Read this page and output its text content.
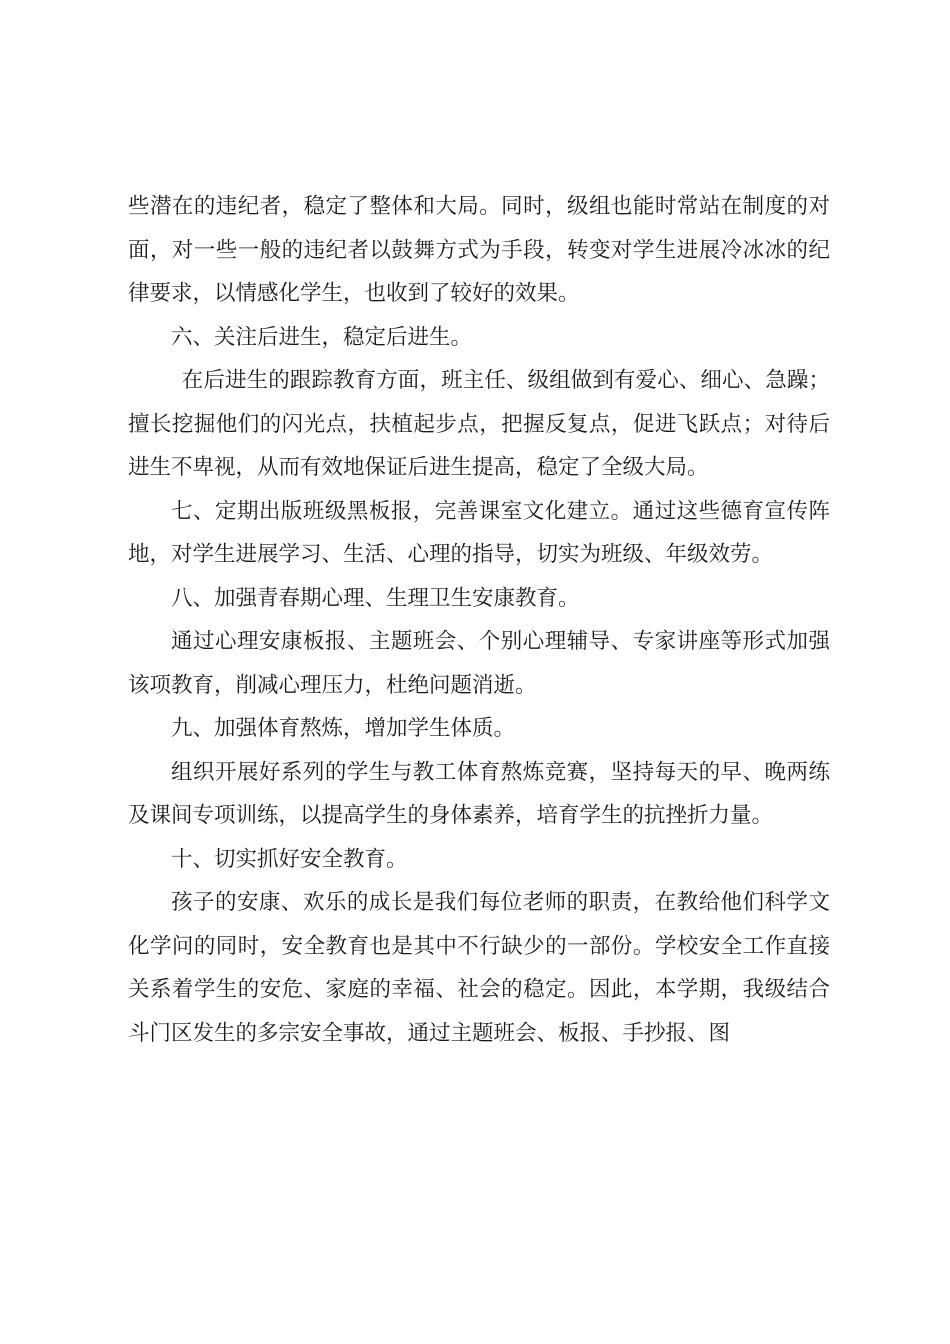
些潜在的违纪者，稳定了整体和大局。同时，级组也能时常站在制度的对面，对一些一般的违纪者以鼓舞方式为手段，转变对学生进展冷冰冰的纪律要求，以情感化学生，也收到了较好的效果。

六、关注后进生，稳定后进生。

在后进生的跟踪教育方面，班主任、级组做到有爱心、细心、急躁；擅长挖掘他们的闪光点，扶植起步点，把握反复点，促进飞跃点；对待后进生不卑视，从而有效地保证后进生提高，稳定了全级大局。

七、定期出版班级黑板报，完善课室文化建立。通过这些德育宣传阵地，对学生进展学习、生活、心理的指导，切实为班级、年级效劳。

八、加强青春期心理、生理卫生安康教育。

通过心理安康板报、主题班会、个别心理辅导、专家讲座等形式加强该项教育，削减心理压力，杜绝问题消逝。

九、加强体育熬炼，增加学生体质。

组织开展好系列的学生与教工体育熬炼竞赛，坚持每天的早、晚两练及课间专项训练，以提高学生的身体素养，培育学生的抗挫折力量。

十、切实抓好安全教育。

孩子的安康、欢乐的成长是我们每位老师的职责，在教给他们科学文化学问的同时，安全教育也是其中不行缺少的一部份。学校安全工作直接关系着学生的安危、家庭的幸福、社会的稳定。因此，本学期，我级结合斗门区发生的多宗安全事故，通过主题班会、板报、手抄报、图
